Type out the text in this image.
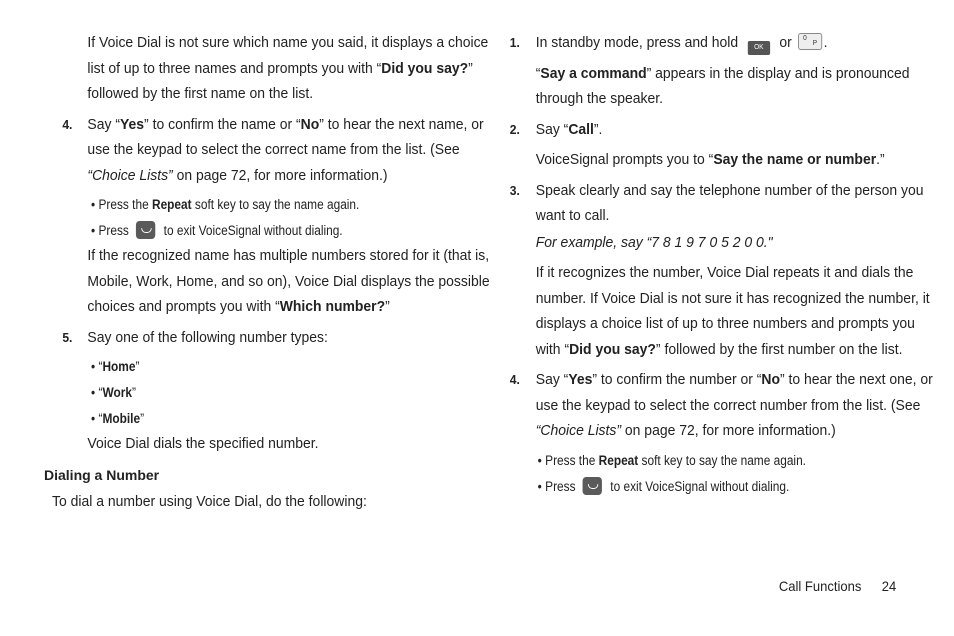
If Voice Dial is not sure which name you said, it displays a choice list of up to three names and prompts you with “Did you say?” followed by the first name on the list.

4. Say “Yes” to confirm the name or “No” to hear the next name, or use the keypad to select the correct name from the list. (See “Choice Lists” on page 72, for more information.)
• Press the Repeat soft key to say the name again.
• Press  to exit VoiceSignal without dialing.

If the recognized name has multiple numbers stored for it (that is, Mobile, Work, Home, and so on), Voice Dial displays the possible choices and prompts you with “Which number?”

5. Say one of the following number types:
• “Home”
• “Work”
• “Mobile”

Voice Dial dials the specified number.

Dialing a Number

To dial a number using Voice Dial, do the following:

1. In standby mode, press and hold OK or 0
P .

“Say a command” appears in the display and is pronounced through the speaker.

2. Say “Call”.

VoiceSignal prompts you to “Say the name or number.”

3. Speak clearly and say the telephone number of the person you want to call.

For example, say “7 8 1 9 7 0 5 2 0 0."

If it recognizes the number, Voice Dial repeats it and dials the number. If Voice Dial is not sure it has recognized the number, it displays a choice list of up to three numbers and prompts you with “Did you say?” followed by the first number on the list.

4. Say “Yes” to confirm the number or “No” to hear the next one, or use the keypad to select the correct number from the list. (See “Choice Lists” on page 72, for more information.)
• Press the Repeat soft key to say the name again.
• Press  to exit VoiceSignal without dialing.
Call Functions 24
